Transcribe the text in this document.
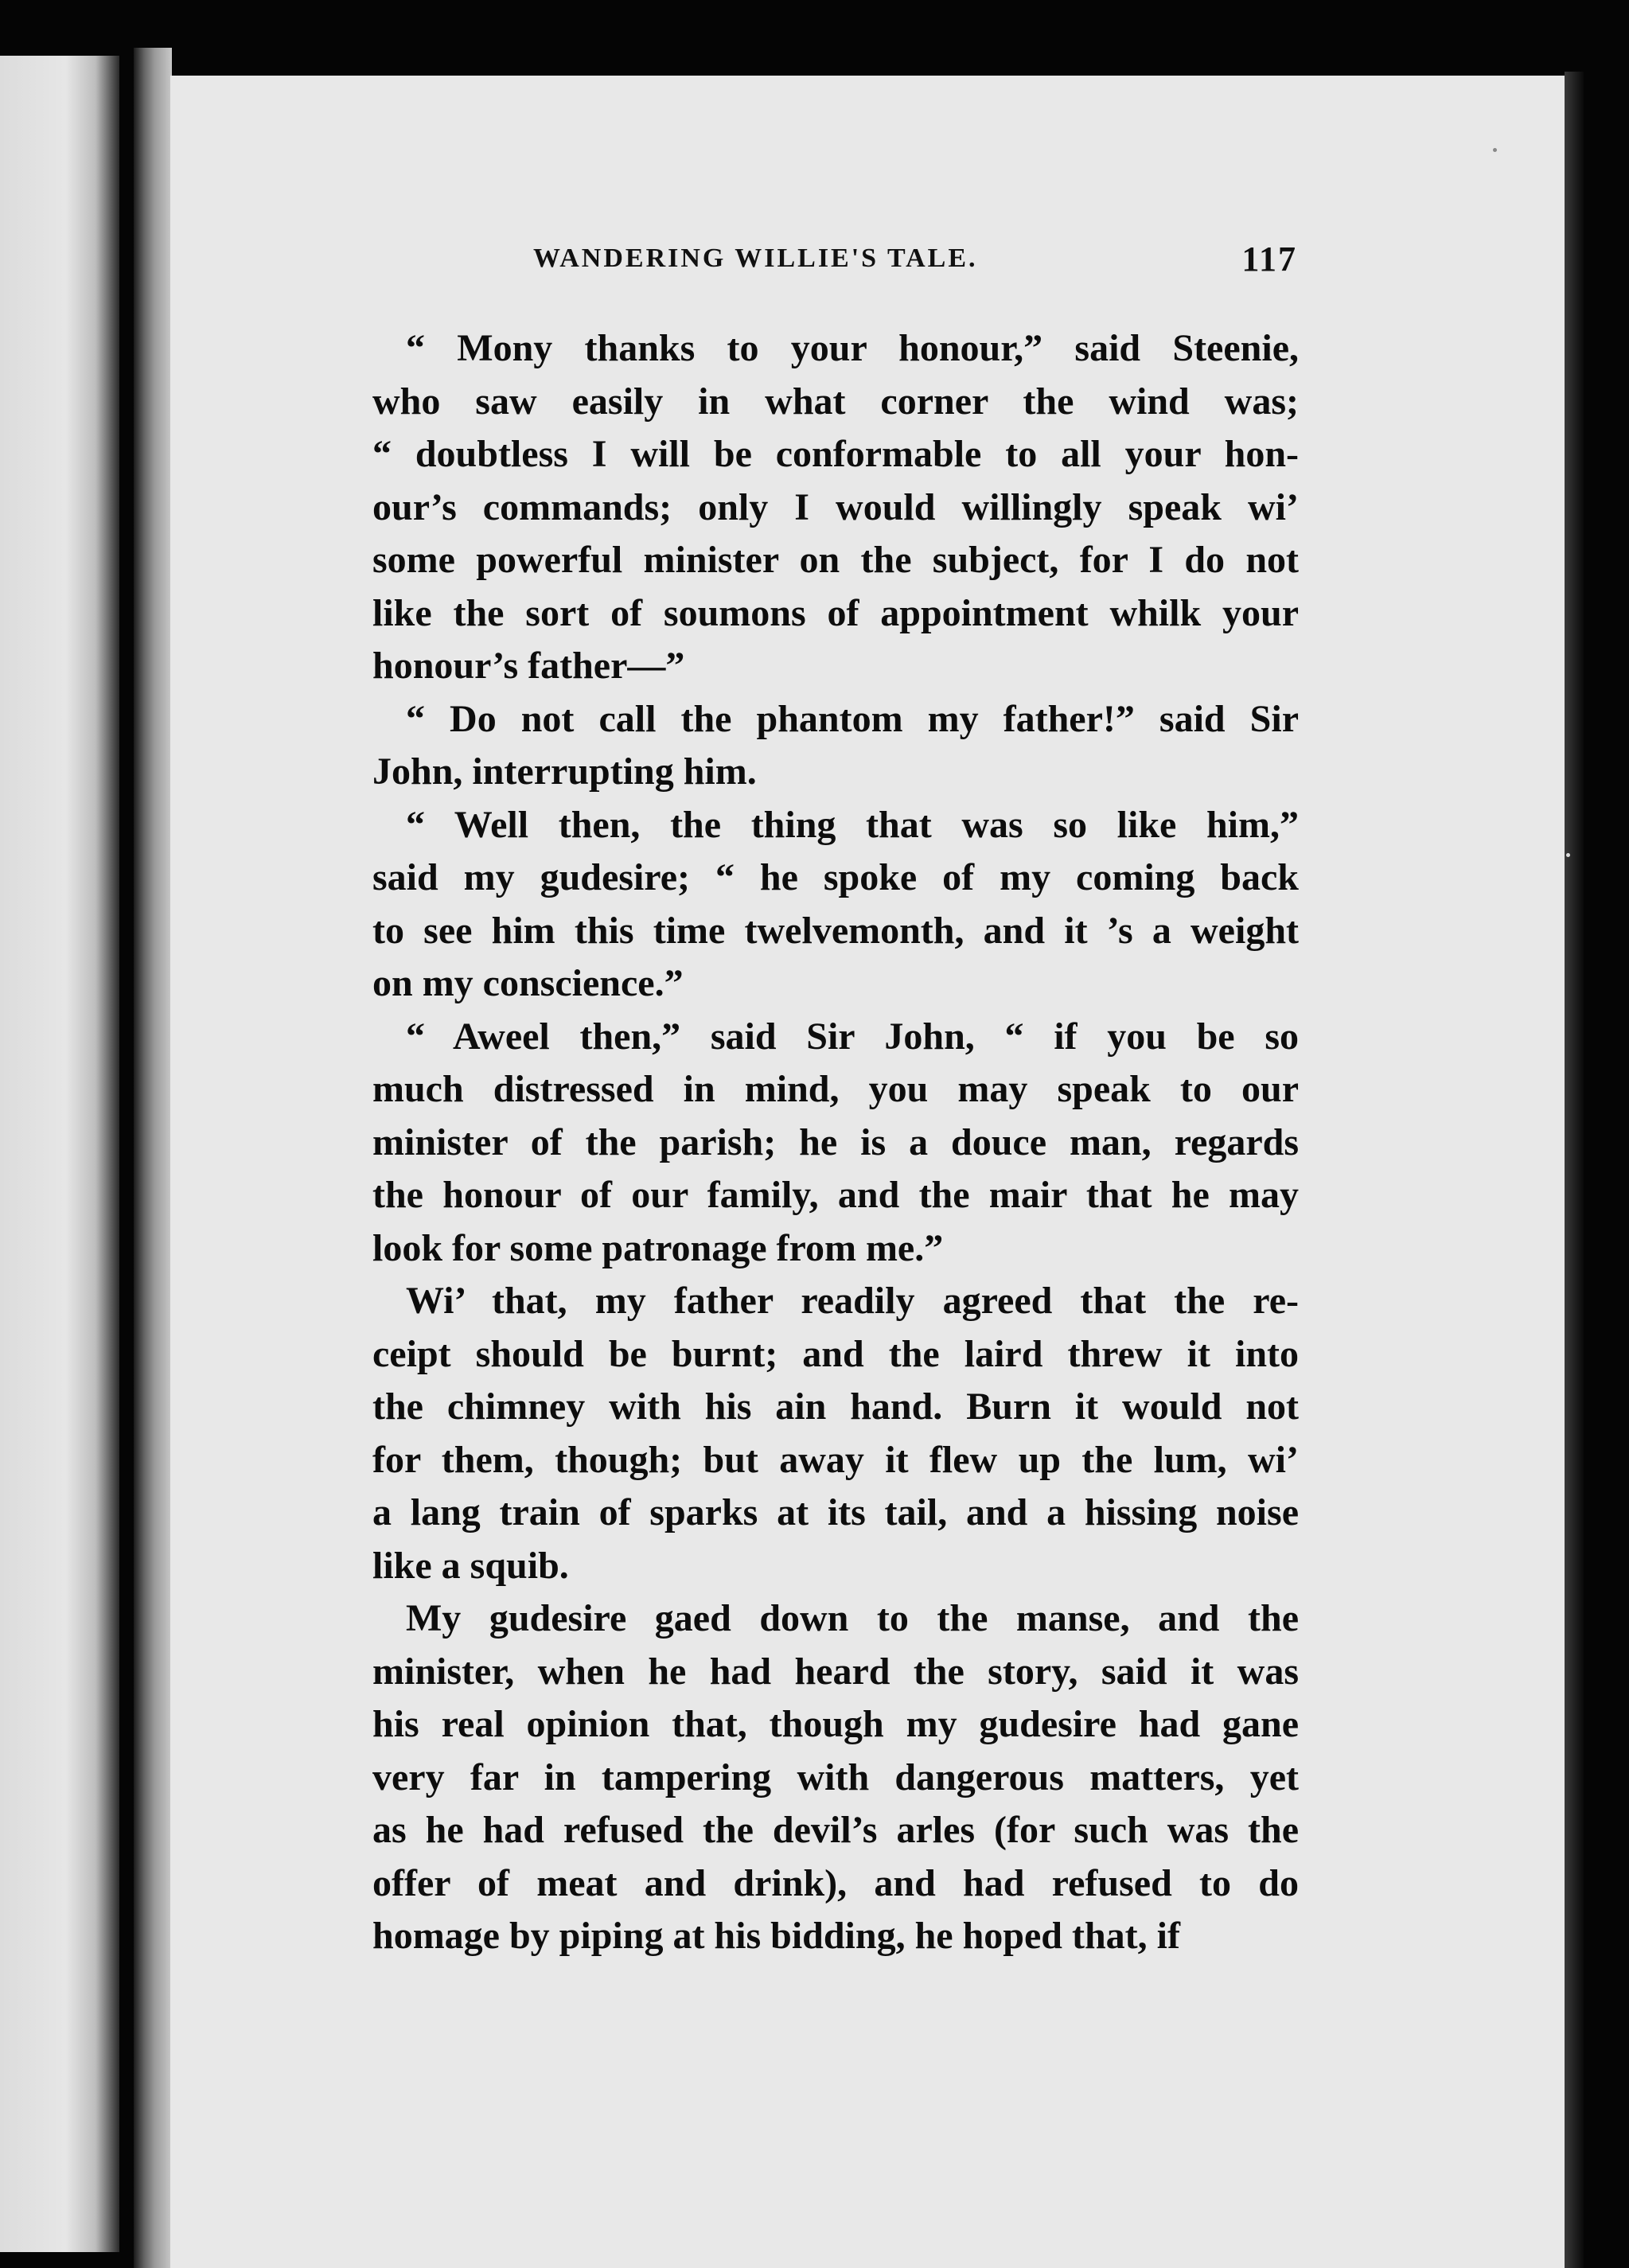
WANDERING WILLIE'S TALE.	117
“ Mony thanks to your honour,” said Steenie,
who saw easily in what corner the wind was;
“ doubtless I will be conformable to all your hon-
our’s commands; only I would willingly speak wi’
some powerful minister on the subject, for I do not
like the sort of soumons of appointment whilk your
honour’s father—”
“ Do not call the phantom my father!” said Sir
John, interrupting him.
“ Well then, the thing that was so like him,”
said my gudesire; “ he spoke of my coming back
to see him this time twelvemonth, and it ’s a weight
on my conscience.”
“ Aweel then,” said Sir John, “ if you be so
much distressed in mind, you may speak to our
minister of the parish; he is a douce man, regards
the honour of our family, and the mair that he may
look for some patronage from me.”
Wi’ that, my father readily agreed that the re-
ceipt should be burnt; and the laird threw it into
the chimney with his ain hand. Burn it would not
for them, though; but away it flew up the lum, wi’
a lang train of sparks at its tail, and a hissing noise
like a squib.
My gudesire gaed down to the manse, and the
minister, when he had heard the story, said it was
his real opinion that, though my gudesire had gane
very far in tampering with dangerous matters, yet
as he had refused the devil’s arles (for such was the
offer of meat and drink), and had refused to do
homage by piping at his bidding, he hoped that, if
